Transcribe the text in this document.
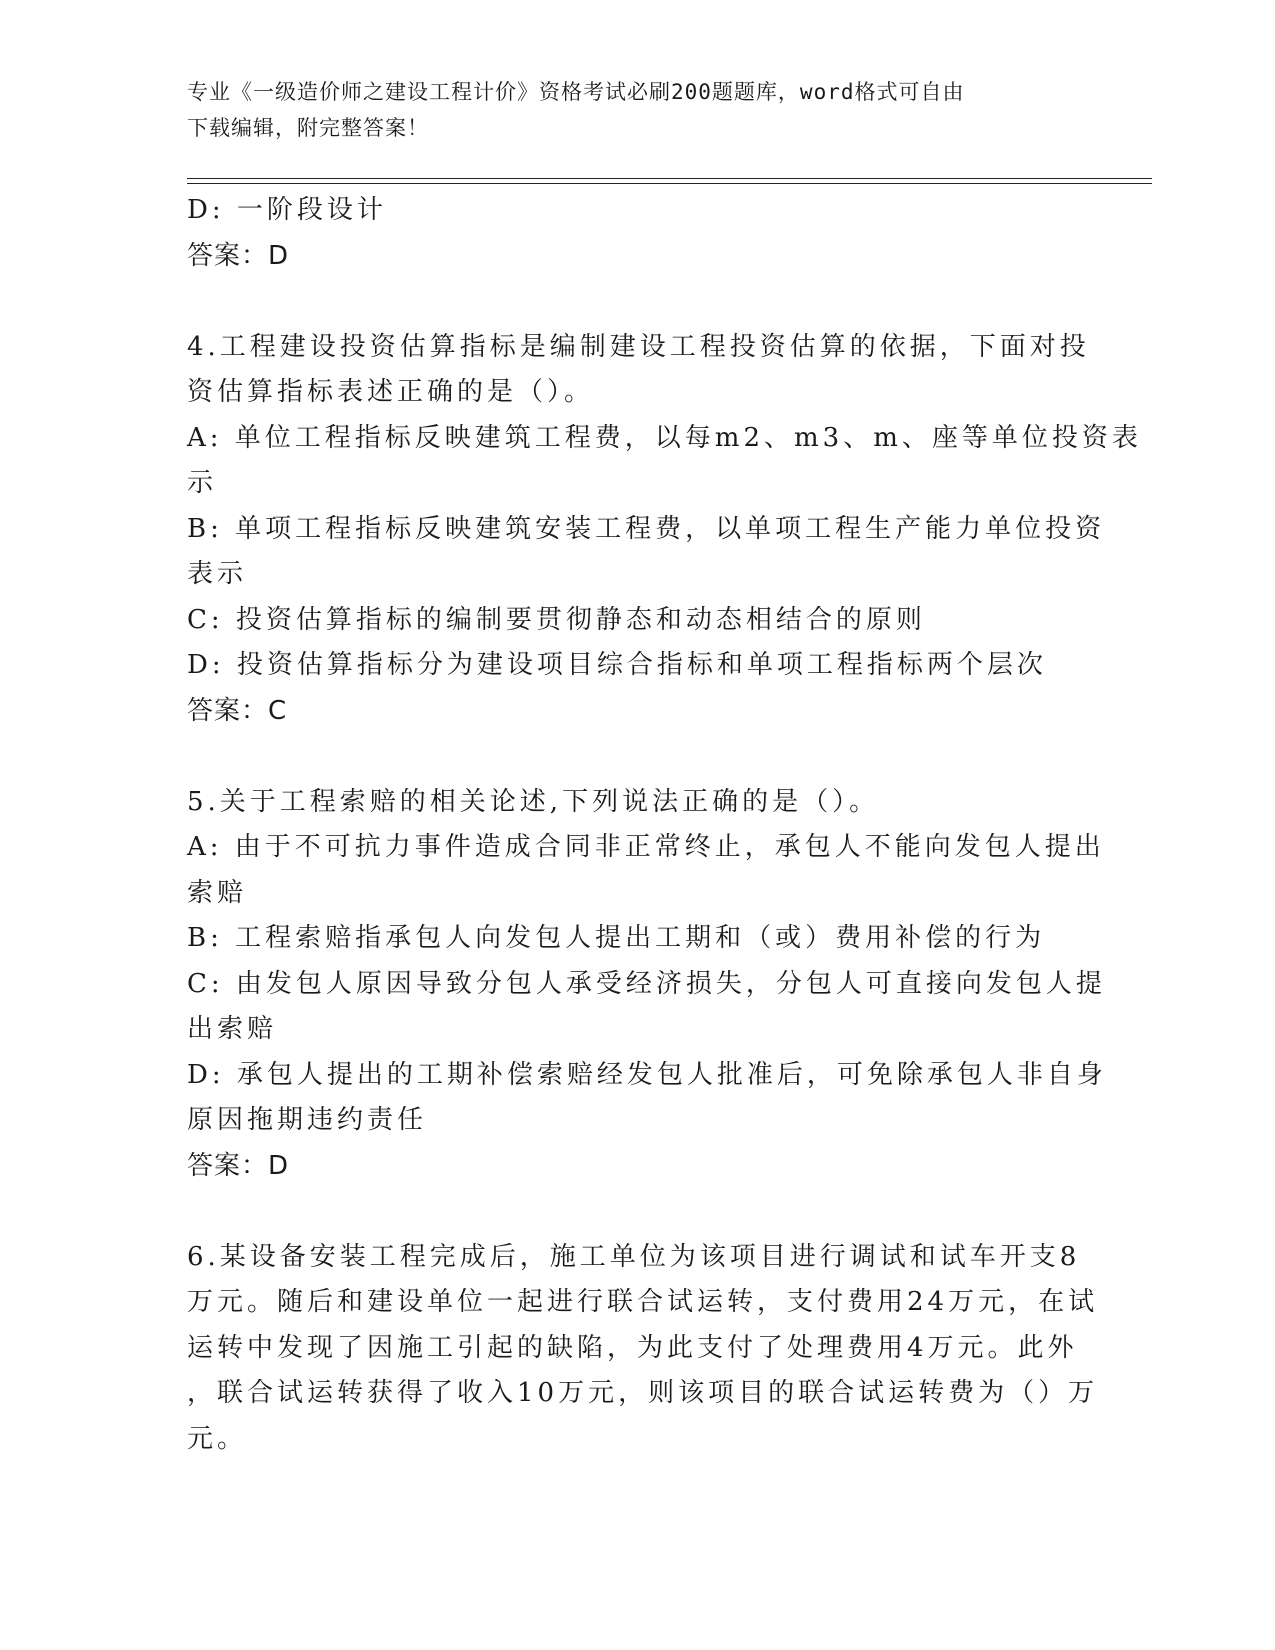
专业《一级造价师之建设工程计价》资格考试必刷200题题库，word格式可自由
下载编辑，附完整答案！
D: 一阶段设计
答案：D
4.工程建设投资估算指标是编制建设工程投资估算的依据，下面对投
资估算指标表述正确的是（）。
A: 单位工程指标反映建筑工程费，以每m2、m3、m、座等单位投资表
示
B: 单项工程指标反映建筑安装工程费，以单项工程生产能力单位投资
表示
C: 投资估算指标的编制要贯彻静态和动态相结合的原则
D: 投资估算指标分为建设项目综合指标和单项工程指标两个层次
答案：C
5.关于工程索赔的相关论述,下列说法正确的是（）。
A: 由于不可抗力事件造成合同非正常终止，承包人不能向发包人提出
索赔
B: 工程索赔指承包人向发包人提出工期和（或）费用补偿的行为
C: 由发包人原因导致分包人承受经济损失，分包人可直接向发包人提
出索赔
D: 承包人提出的工期补偿索赔经发包人批准后，可免除承包人非自身
原因拖期违约责任
答案：D
6.某设备安装工程完成后，施工单位为该项目进行调试和试车开支8
万元。随后和建设单位一起进行联合试运转，支付费用24万元，在试
运转中发现了因施工引起的缺陷，为此支付了处理费用4万元。此外
，联合试运转获得了收入10万元，则该项目的联合试运转费为（）万
元。
